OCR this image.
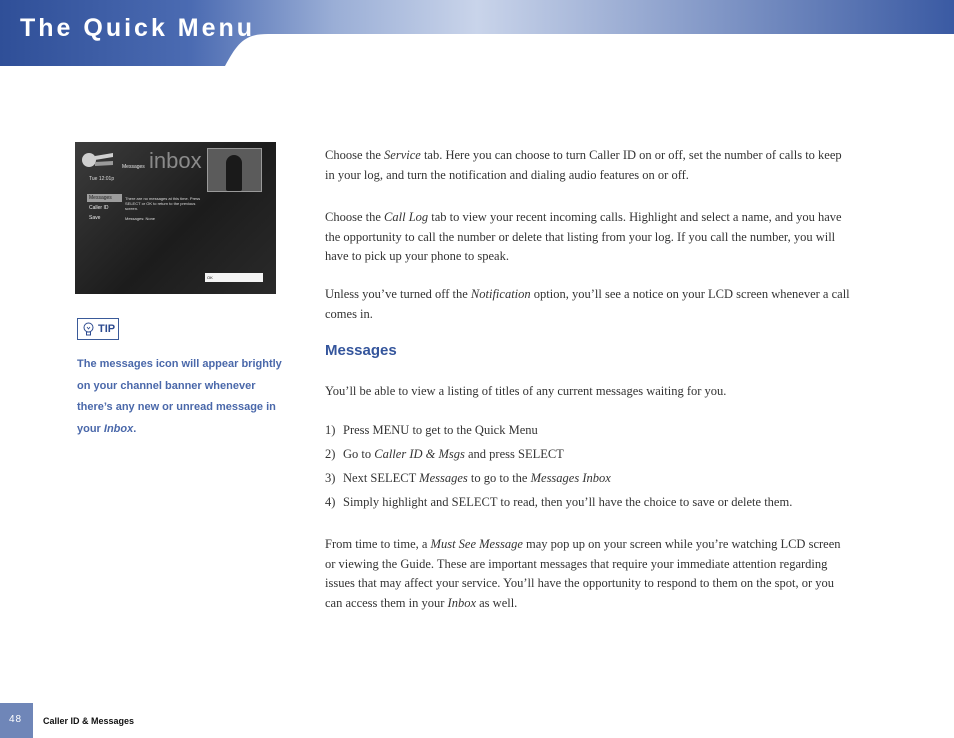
The Quick Menu
Messages inbox
Tue 12:01p
Messages
Caller ID
Save
There are no messages at this time. Press SELECT or OK to return to the previous screen.
Messages: None
OK
TIP
The messages icon will appear brightly on your channel banner whenever there’s any new or unread message in your Inbox.
Choose the Service tab. Here you can choose to turn Caller ID on or off, set the number of calls to keep in your log, and turn the notification and dialing audio features on or off.
Choose the Call Log tab to view your recent incoming calls. Highlight and select a name, and you have the opportunity to call the number or delete that listing from your log. If you call the number, you will have to pick up your phone to speak.
Unless you’ve turned off the Notification option, you’ll see a notice on your LCD screen whenever a call comes in.
Messages
You’ll be able to view a listing of titles of any current messages waiting for you.
1) Press MENU to get to the Quick Menu
2) Go to Caller ID & Msgs and press SELECT
3) Next SELECT Messages to go to the Messages Inbox
4) Simply highlight and SELECT to read, then you’ll have the choice to save or delete them.
From time to time, a Must See Message may pop up on your screen while you’re watching LCD screen or viewing the Guide. These are important messages that require your immediate attention regarding issues that may affect your service. You’ll have the opportunity to respond to them on the spot, or you can access them in your Inbox as well.
48 Caller ID & Messages
